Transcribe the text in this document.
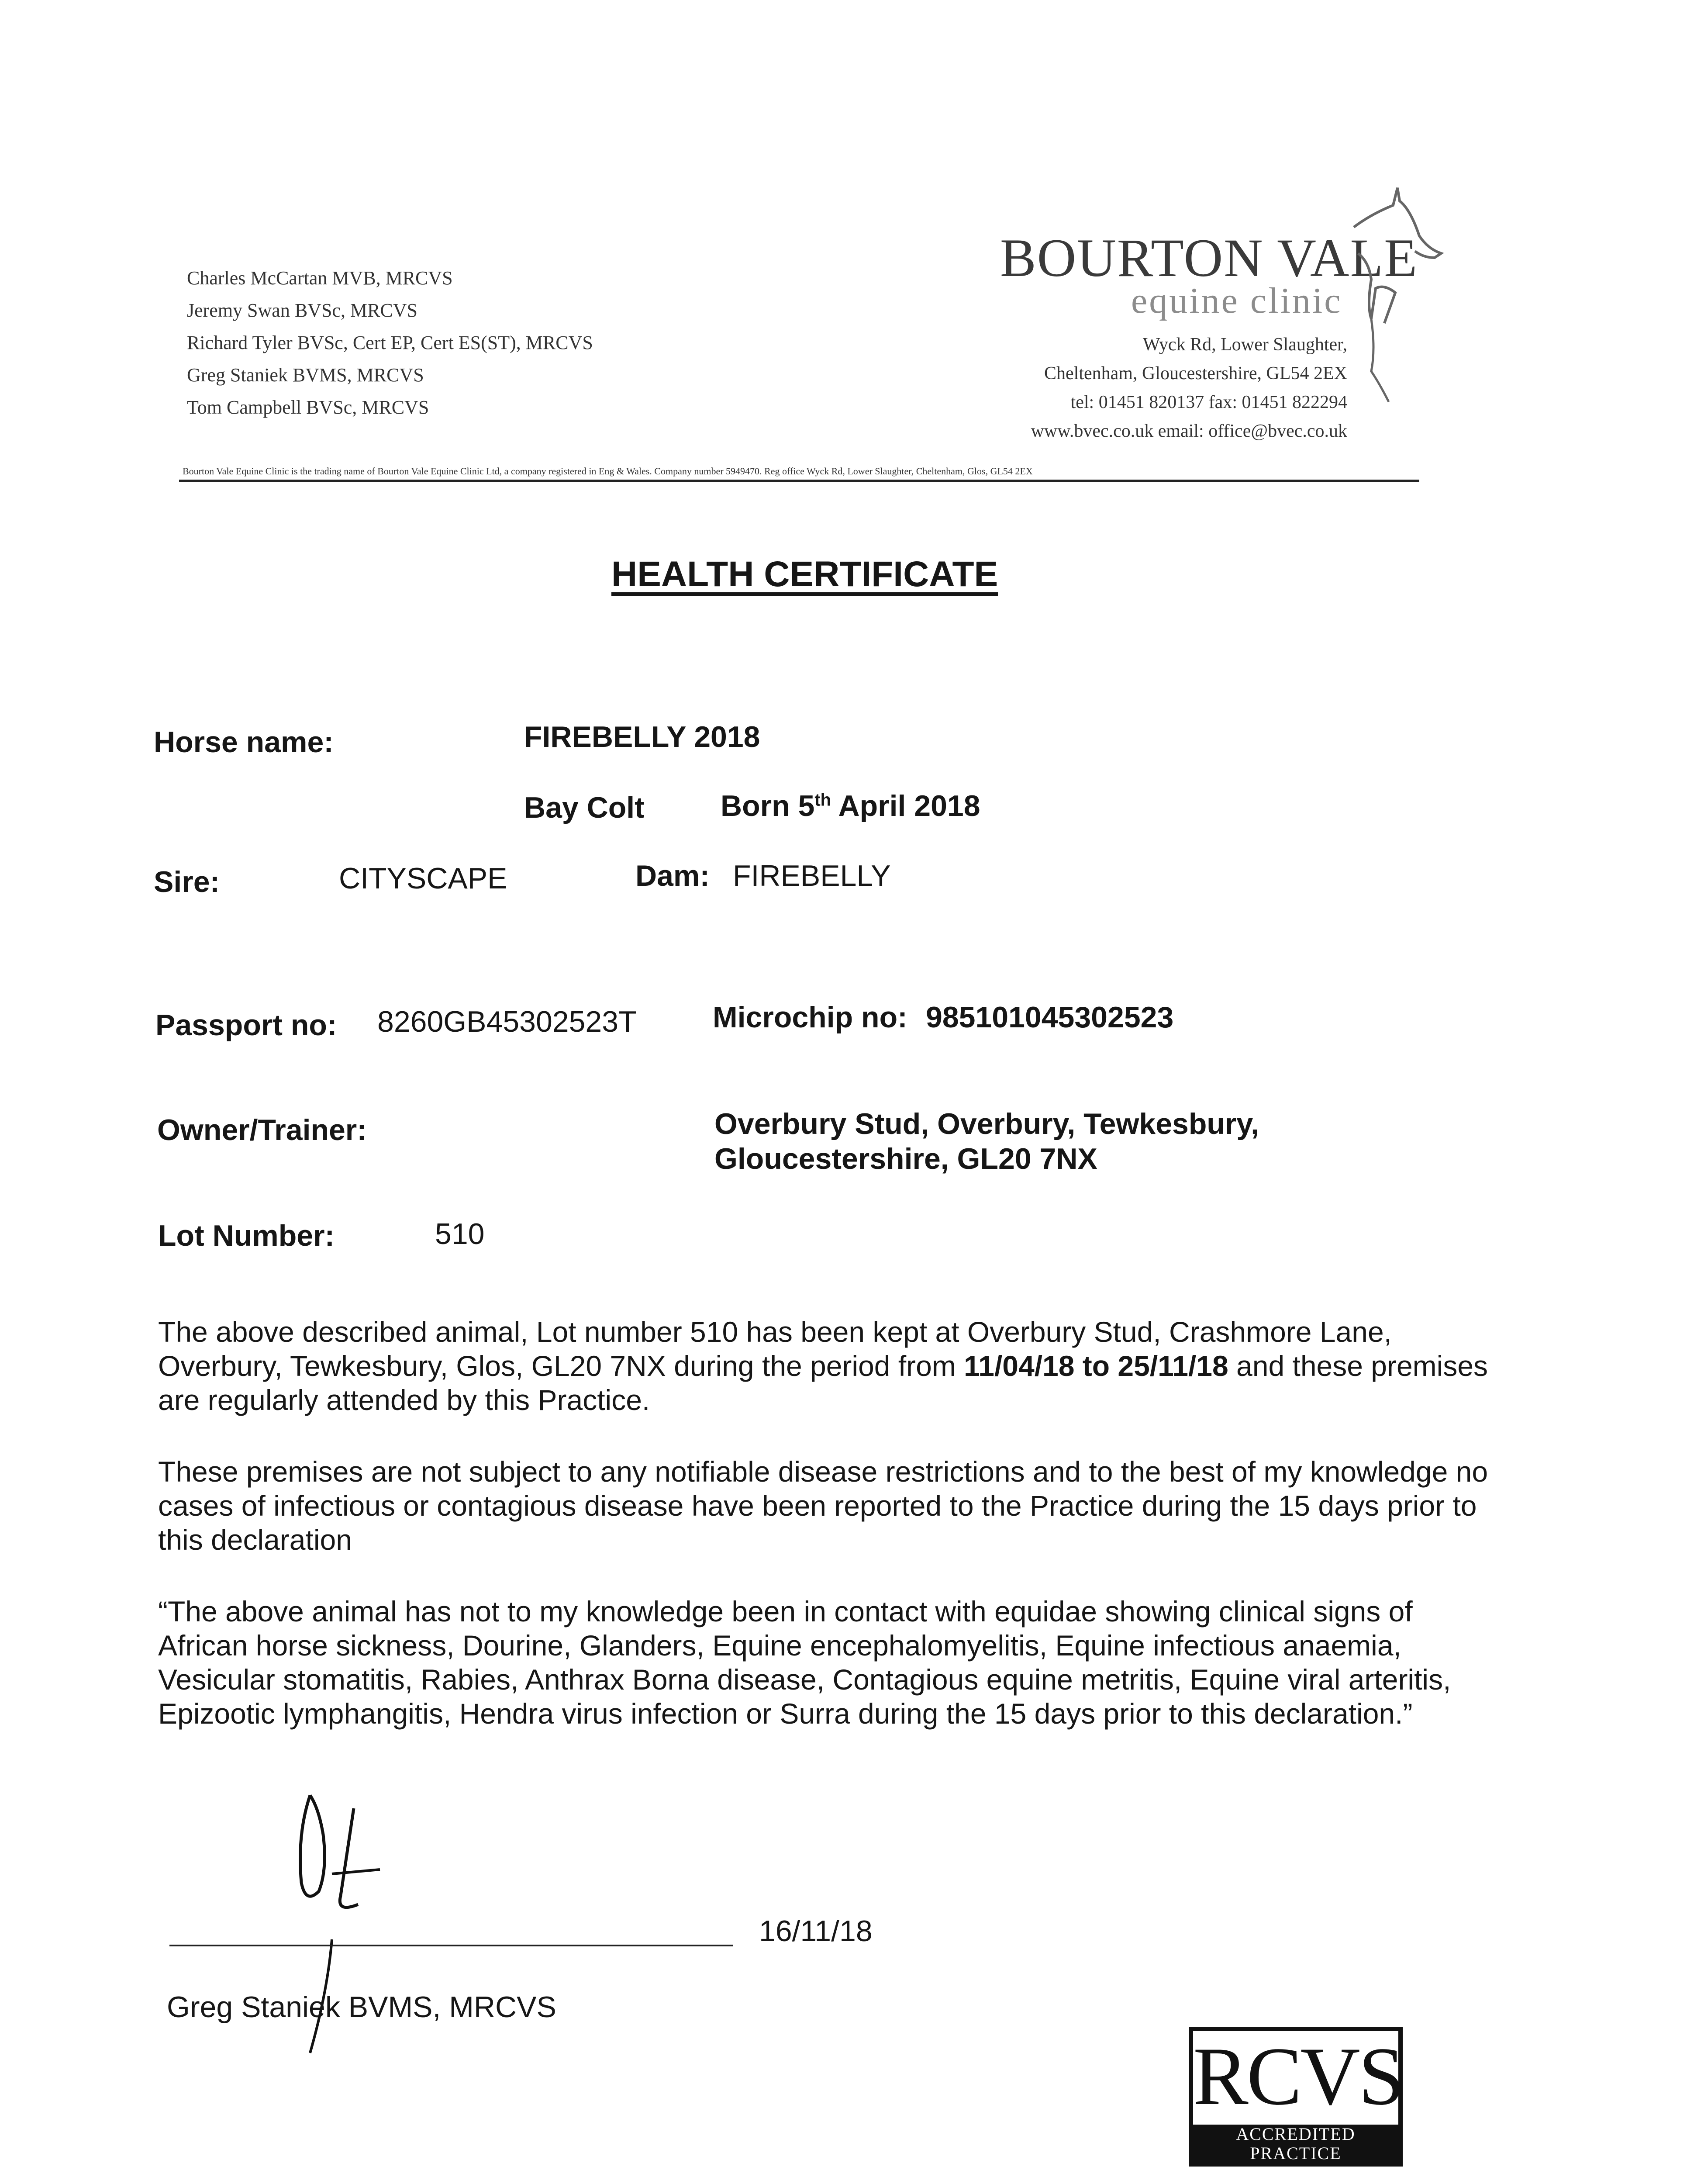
Charles McCartan MVB, MRCVS
Jeremy Swan BVSc, MRCVS
Richard Tyler BVSc, Cert EP, Cert ES(ST), MRCVS
Greg Staniek BVMS, MRCVS
Tom Campbell BVSc, MRCVS
BOURTON VALE
equine clinic
Wyck Rd, Lower Slaughter,
Cheltenham, Gloucestershire, GL54 2EX
tel: 01451 820137 fax: 01451 822294
www.bvec.co.uk email: office@bvec.co.uk
Bourton Vale Equine Clinic is the trading name of Bourton Vale Equine Clinic Ltd, a company registered in Eng & Wales. Company number 5949470. Reg office Wyck Rd, Lower Slaughter, Cheltenham, Glos, GL54 2EX
HEALTH CERTIFICATE
Horse name:	FIREBELLY 2018
Bay Colt	Born 5th April 2018
Sire:	CITYSCAPE	Dam: FIREBELLY
Passport no: 8260GB45302523T	Microchip no: 985101045302523
Owner/Trainer:	Overbury Stud, Overbury, Tewkesbury,
Gloucestershire, GL20 7NX
Lot Number:	510
The above described animal, Lot number 510 has been kept at Overbury Stud, Crashmore Lane, Overbury, Tewkesbury, Glos, GL20 7NX during the period from 11/04/18 to 25/11/18 and these premises are regularly attended by this Practice.
These premises are not subject to any notifiable disease restrictions and to the best of my knowledge no cases of infectious or contagious disease have been reported to the Practice during the 15 days prior to this declaration
“The above animal has not to my knowledge been in contact with equidae showing clinical signs of African horse sickness, Dourine, Glanders, Equine encephalomyelitis, Equine infectious anaemia, Vesicular stomatitis, Rabies, Anthrax Borna disease, Contagious equine metritis, Equine viral arteritis, Epizootic lymphangitis, Hendra virus infection or Surra during the 15 days prior to this declaration.”
16/11/18
Greg Staniek BVMS, MRCVS
RCVS
ACCREDITED
PRACTICE
